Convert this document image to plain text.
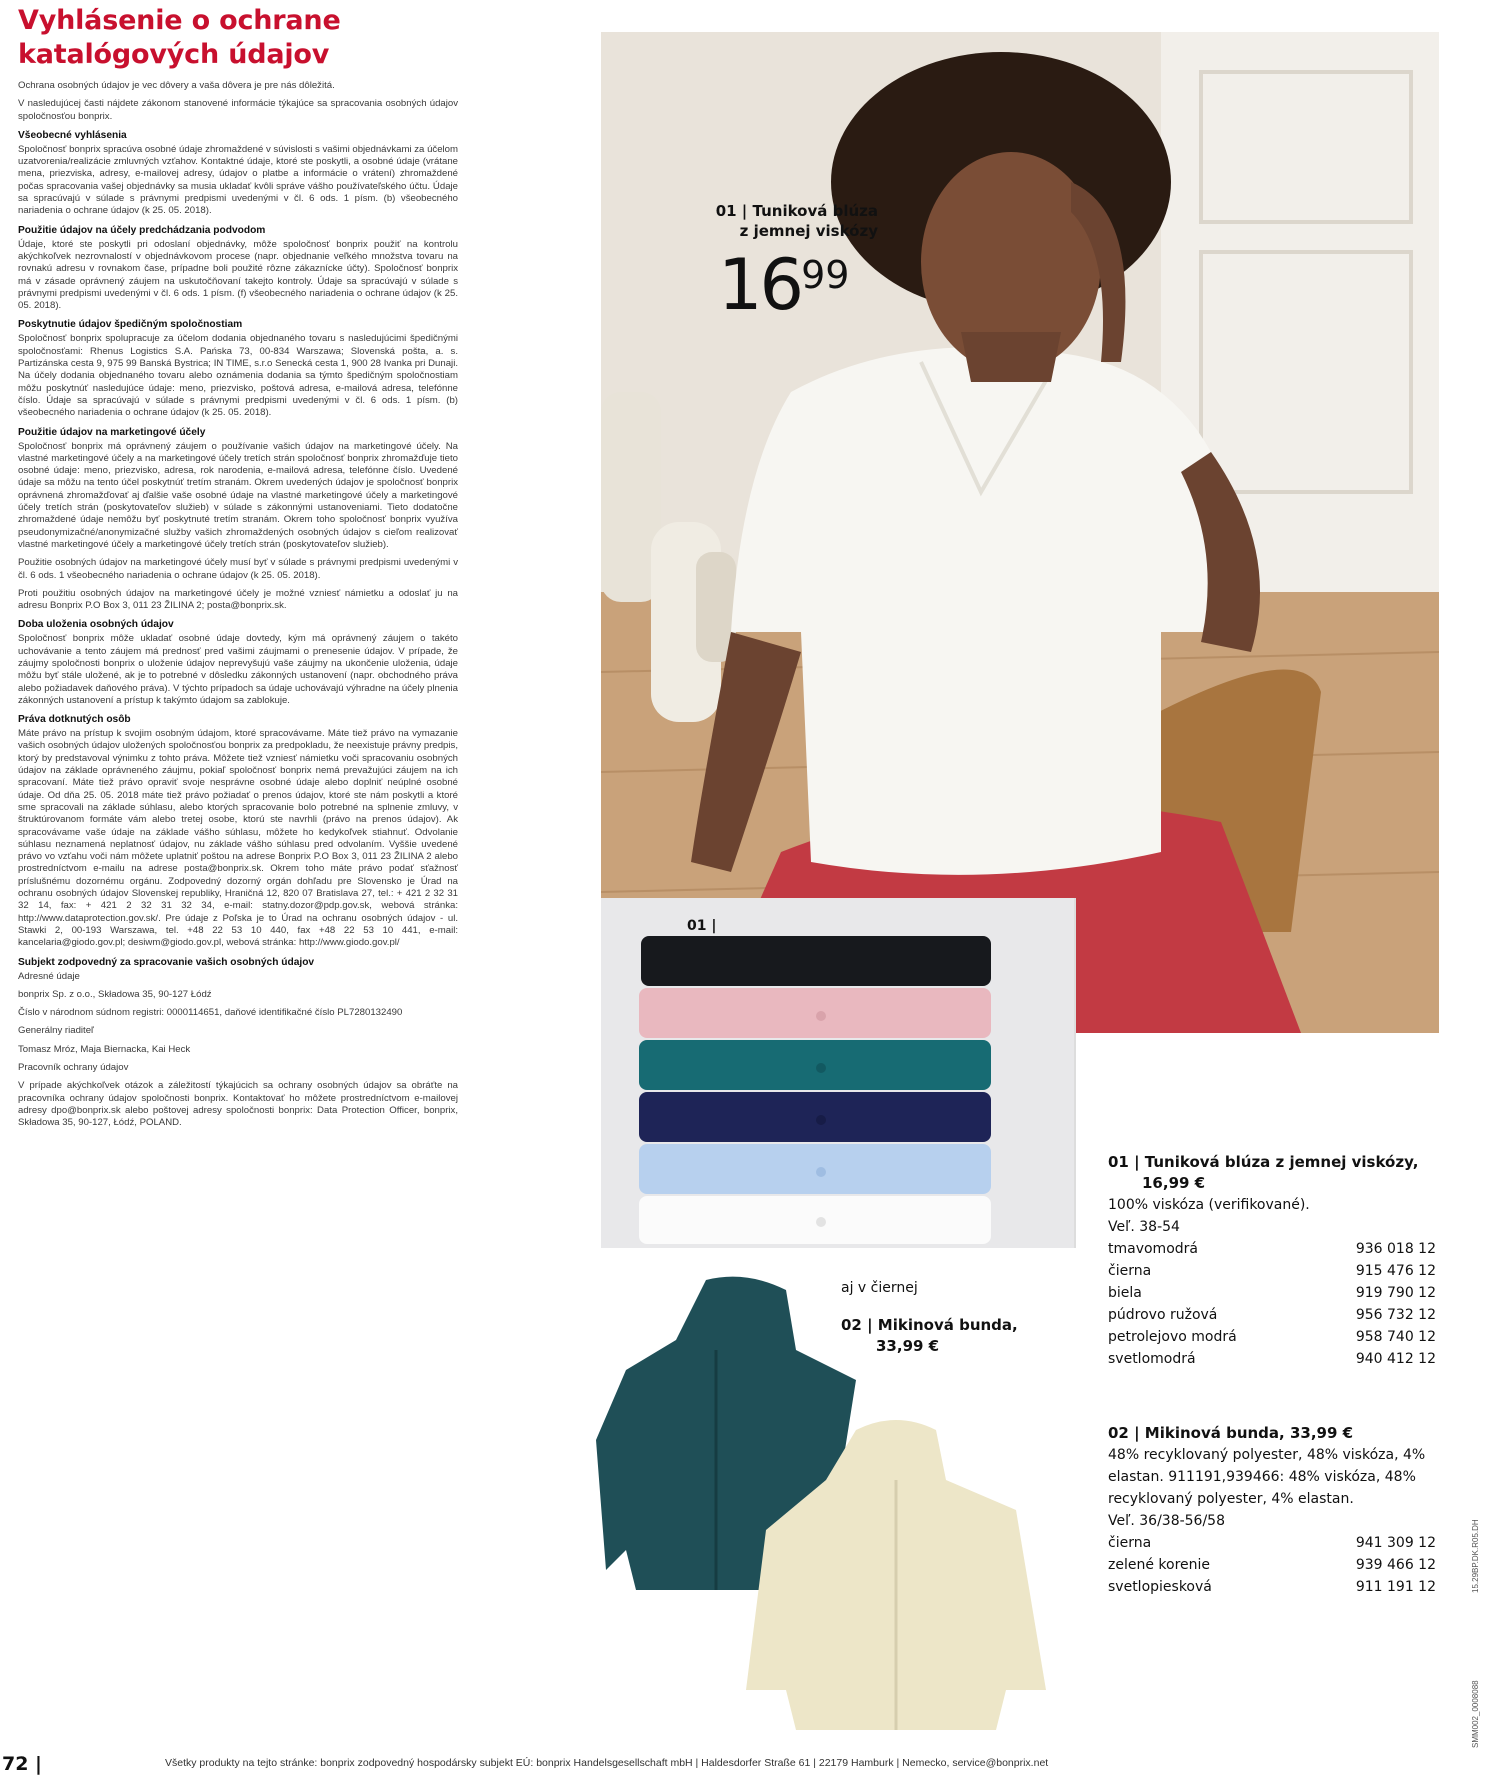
Vyhlásenie o ochrane
katalógových údajov

Ochrana osobných údajov je vec dôvery a vaša dôvera je pre nás dôležitá.

V nasledujúcej časti nájdete zákonom stanovené informácie týkajúce sa spracovania osobných údajov spoločnosťou bonprix.

Všeobecné vyhlásenia

Spoločnosť bonprix spracúva osobné údaje zhromaždené v súvislosti s vašimi objednávkami za účelom uzatvorenia/realizácie zmluvných vzťahov. Kontaktné údaje, ktoré ste poskytli, a osobné údaje (vrátane mena, priezviska, adresy, e-mailovej adresy, údajov o platbe a informácie o vrátení) zhromaždené počas spracovania vašej objednávky sa musia ukladať kvôli správe vášho používateľského účtu. Údaje sa spracúvajú v súlade s právnymi predpismi uvedenými v čl. 6 ods. 1 písm. (b) všeobecného nariadenia o ochrane údajov (k 25. 05. 2018).

Použitie údajov na účely predchádzania podvodom

Údaje, ktoré ste poskytli pri odoslaní objednávky, môže spoločnosť bonprix použiť na kontrolu akýchkoľvek nezrovnalostí v objednávkovom procese (napr. objednanie veľkého množstva tovaru na rovnakú adresu v rovnakom čase, prípadne boli použité rôzne zákaznícke účty). Spoločnosť bonprix má v zásade oprávnený záujem na uskutočňovaní takejto kontroly. Údaje sa spracúvajú v súlade s právnymi predpismi uvedenými v čl. 6 ods. 1 písm. (f) všeobecného nariadenia o ochrane údajov (k 25. 05. 2018).

Poskytnutie údajov špedičným spoločnostiam

Spoločnosť bonprix spolupracuje za účelom dodania objednaného tovaru s nasledujúcimi špedičnými spoločnosťami: Rhenus Logistics S.A. Pańska 73, 00-834 Warszawa; Slovenská pošta, a. s. Partizánska cesta 9, 975 99 Banská Bystrica; IN TIME, s.r.o Senecká cesta 1, 900 28 Ivanka pri Dunaji. Na účely dodania objednaného tovaru alebo oznámenia dodania sa týmto špedičným spoločnostiam môžu poskytnúť nasledujúce údaje: meno, priezvisko, poštová adresa, e-mailová adresa, telefónne číslo. Údaje sa spracúvajú v súlade s právnymi predpismi uvedenými v čl. 6 ods. 1 písm. (b) všeobecného nariadenia o ochrane údajov (k 25. 05. 2018).

Použitie údajov na marketingové účely

Spoločnosť bonprix má oprávnený záujem o používanie vašich údajov na marketingové účely. Na vlastné marketingové účely a na marketingové účely tretích strán spoločnosť bonprix zhromažďuje tieto osobné údaje: meno, priezvisko, adresa, rok narodenia, e-mailová adresa, telefónne číslo. Uvedené údaje sa môžu na tento účel poskytnúť tretím stranám. Okrem uvedených údajov je spoločnosť bonprix oprávnená zhromažďovať aj ďalšie vaše osobné údaje na vlastné marketingové účely a marketingové účely tretích strán (poskytovateľov služieb) v súlade s zákonnými ustanoveniami. Tieto dodatočne zhromaždené údaje nemôžu byť poskytnuté tretím stranám. Okrem toho spoločnosť bonprix využíva pseudonymizačné/anonymizačné služby vašich zhromaždených osobných údajov s cieľom realizovať vlastné marketingové účely a marketingové účely tretích strán (poskytovateľov služieb).

Použitie osobných údajov na marketingové účely musí byť v súlade s právnymi predpismi uvedenými v čl. 6 ods. 1 všeobecného nariadenia o ochrane údajov (k 25. 05. 2018).

Proti použitiu osobných údajov na marketingové účely je možné vzniesť námietku a odoslať ju na adresu Bonprix P.O Box 3, 011 23 ŽILINA 2; posta@bonprix.sk.

Doba uloženia osobných údajov

Spoločnosť bonprix môže ukladať osobné údaje dovtedy, kým má oprávnený záujem o takéto uchovávanie a tento záujem má prednosť pred vašimi záujmami o prenesenie údajov. V prípade, že záujmy spoločnosti bonprix o uloženie údajov neprevyšujú vaše záujmy na ukončenie uloženia, údaje môžu byť stále uložené, ak je to potrebné v dôsledku zákonných ustanovení (napr. obchodného práva alebo požiadavek daňového práva). V týchto prípadoch sa údaje uchovávajú výhradne na účely plnenia zákonných ustanovení a prístup k takýmto údajom sa zablokuje.

Práva dotknutých osôb

Máte právo na prístup k svojim osobným údajom, ktoré spracovávame. Máte tiež právo na vymazanie vašich osobných údajov uložených spoločnosťou bonprix za predpokladu, že neexistuje právny predpis, ktorý by predstavoval výnimku z tohto práva. Môžete tiež vzniesť námietku voči spracovaniu osobných údajov na základe oprávneného záujmu, pokiaľ spoločnosť bonprix nemá prevažujúci záujem na ich spracovaní. Máte tiež právo opraviť svoje nesprávne osobné údaje alebo doplniť neúplné osobné údaje. Od dňa 25. 05. 2018 máte tiež právo požiadať o prenos údajov, ktoré ste nám poskytli a ktoré sme spracovali na základe súhlasu, alebo ktorých spracovanie bolo potrebné na splnenie zmluvy, v štruktúrovanom formáte vám alebo tretej osobe, ktorú ste navrhli (právo na prenos údajov). Ak spracovávame vaše údaje na základe vášho súhlasu, môžete ho kedykoľvek stiahnuť. Odvolanie súhlasu neznamená neplatnosť údajov, nu základe vášho súhlasu pred odvolaním. Vyššie uvedené právo vo vzťahu voči nám môžete uplatniť poštou na adrese Bonprix P.O Box 3, 011 23 ŽILINA 2 alebo prostredníctvom e-mailu na adrese posta@bonprix.sk. Okrem toho máte právo podať sťažnosť príslušnému dozornému orgánu. Zodpovedný dozorný orgán dohľadu pre Slovensko je Úrad na ochranu osobných údajov Slovenskej republiky, Hraničná 12, 820 07 Bratislava 27, tel.: + 421 2 32 31 32 14, fax: + 421 2 32 31 32 34, e-mail: statny.dozor@pdp.gov.sk, webová stránka: http://www.dataprotection.gov.sk/. Pre údaje z Poľska je to Úrad na ochranu osobných údajov - ul. Stawki 2, 00-193 Warszawa, tel. +48 22 53 10 440, fax +48 22 53 10 441, e-mail: kancelaria@giodo.gov.pl; desiwm@giodo.gov.pl, webová stránka: http://www.giodo.gov.pl/

Subjekt zodpovedný za spracovanie vašich osobných údajov

Adresné údaje

bonprix Sp. z o.o., Składowa 35, 90-127 Łódź

Číslo v národnom súdnom registri: 0000114651, daňové identifikačné číslo PL7280132490

Generálny riaditeľ

Tomasz Mróz, Maja Biernacka, Kai Heck

Pracovník ochrany údajov

V prípade akýchkoľvek otázok a záležitostí týkajúcich sa ochrany osobných údajov sa obráťte na pracovníka ochrany údajov spoločnosti bonprix. Kontaktovať ho môžete prostredníctvom e-mailovej adresy dpo@bonprix.sk alebo poštovej adresy spoločnosti bonprix: Data Protection Officer, bonprix, Składowa 35, 90-127, Łódź, POLAND.

01 | Tuniková blúza
z jemnej viskózy
1699
01 |
aj v čiernej
02 | Mikinová bunda,
33,99 €
01 | Tuniková blúza z jemnej viskózy,
16,99 €
100% viskóza (verifikované).
Veľ. 38-54
tmavomodrá	936 018 12
čierna	915 476 12
biela	919 790 12
púdrovo ružová	956 732 12
petrolejovo modrá	958 740 12
svetlomodrá	940 412 12
02 | Mikinová bunda, 33,99 €
48% recyklovaný polyester, 48% viskóza, 4% elastan. 911191,939466: 48% viskóza, 48% recyklovaný polyester, 4% elastan.
Veľ. 36/38-56/58
čierna	941 309 12
zelené korenie	939 466 12
svetlopiesková	911 191 12	15.29BP.DK.R05.DH
SMM002_0008088
72 |	Všetky produkty na tejto stránke: bonprix zodpovedný hospodársky subjekt EÚ: bonprix Handelsgesellschaft mbH | Haldesdorfer Straße 61 | 22179 Hamburk | Nemecko, service@bonprix.net
